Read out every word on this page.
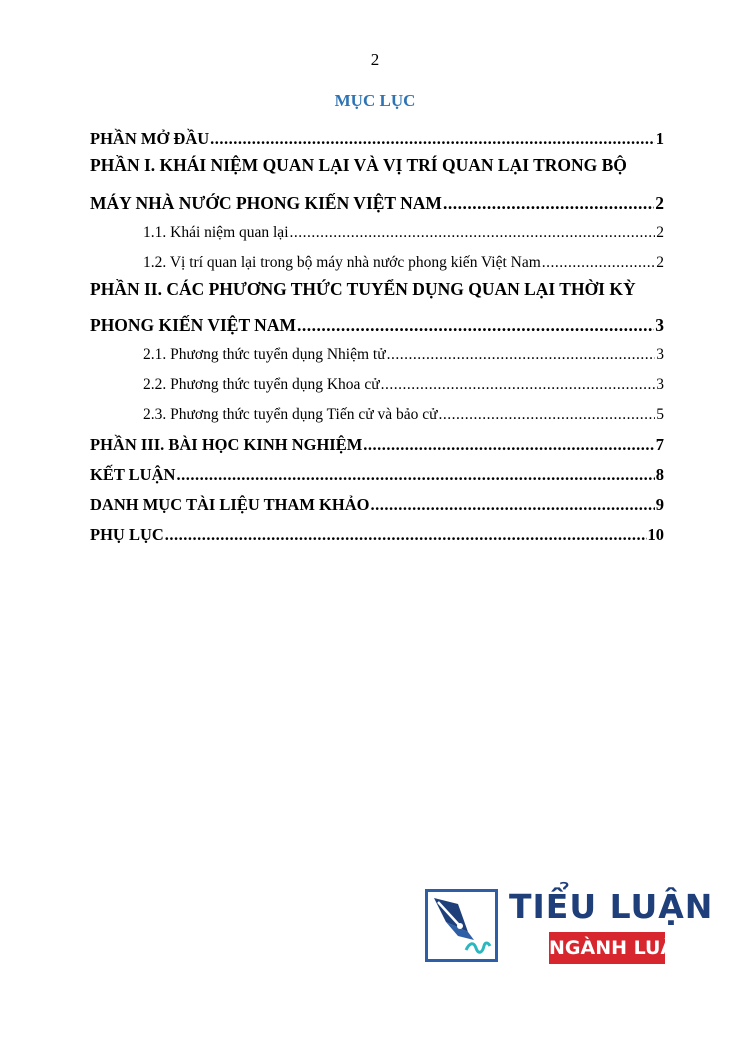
2
MỤC LỤC
PHẦN MỞ ĐẦU .....	1
PHẦN I. KHÁI NIỆM QUAN LẠI VÀ VỊ TRÍ QUAN LẠI TRONG BỘ
MÁY NHÀ NƯỚC PHONG KIẾN VIỆT NAM .....	2
1.1. Khái niệm quan lại .....	2
1.2. Vị trí quan lại trong bộ máy nhà nước phong kiến Việt Nam .....	2
PHẦN II. CÁC PHƯƠNG THỨC TUYỂN DỤNG QUAN LẠI THỜI KỲ
PHONG KIẾN VIỆT NAM .....	3
2.1. Phương thức tuyển dụng Nhiệm tử .....	3
2.2. Phương thức tuyển dụng Khoa cử .....	3
2.3. Phương thức tuyển dụng Tiến cử và bảo cử .....	5
PHẦN III. BÀI HỌC KINH NGHIỆM .....	7
KẾT LUẬN .....	8
DANH MỤC TÀI LIỆU THAM KHẢO .....	9
PHỤ LỤC .....	10
TIỂU LUẬN
NGÀNH LUẬT
